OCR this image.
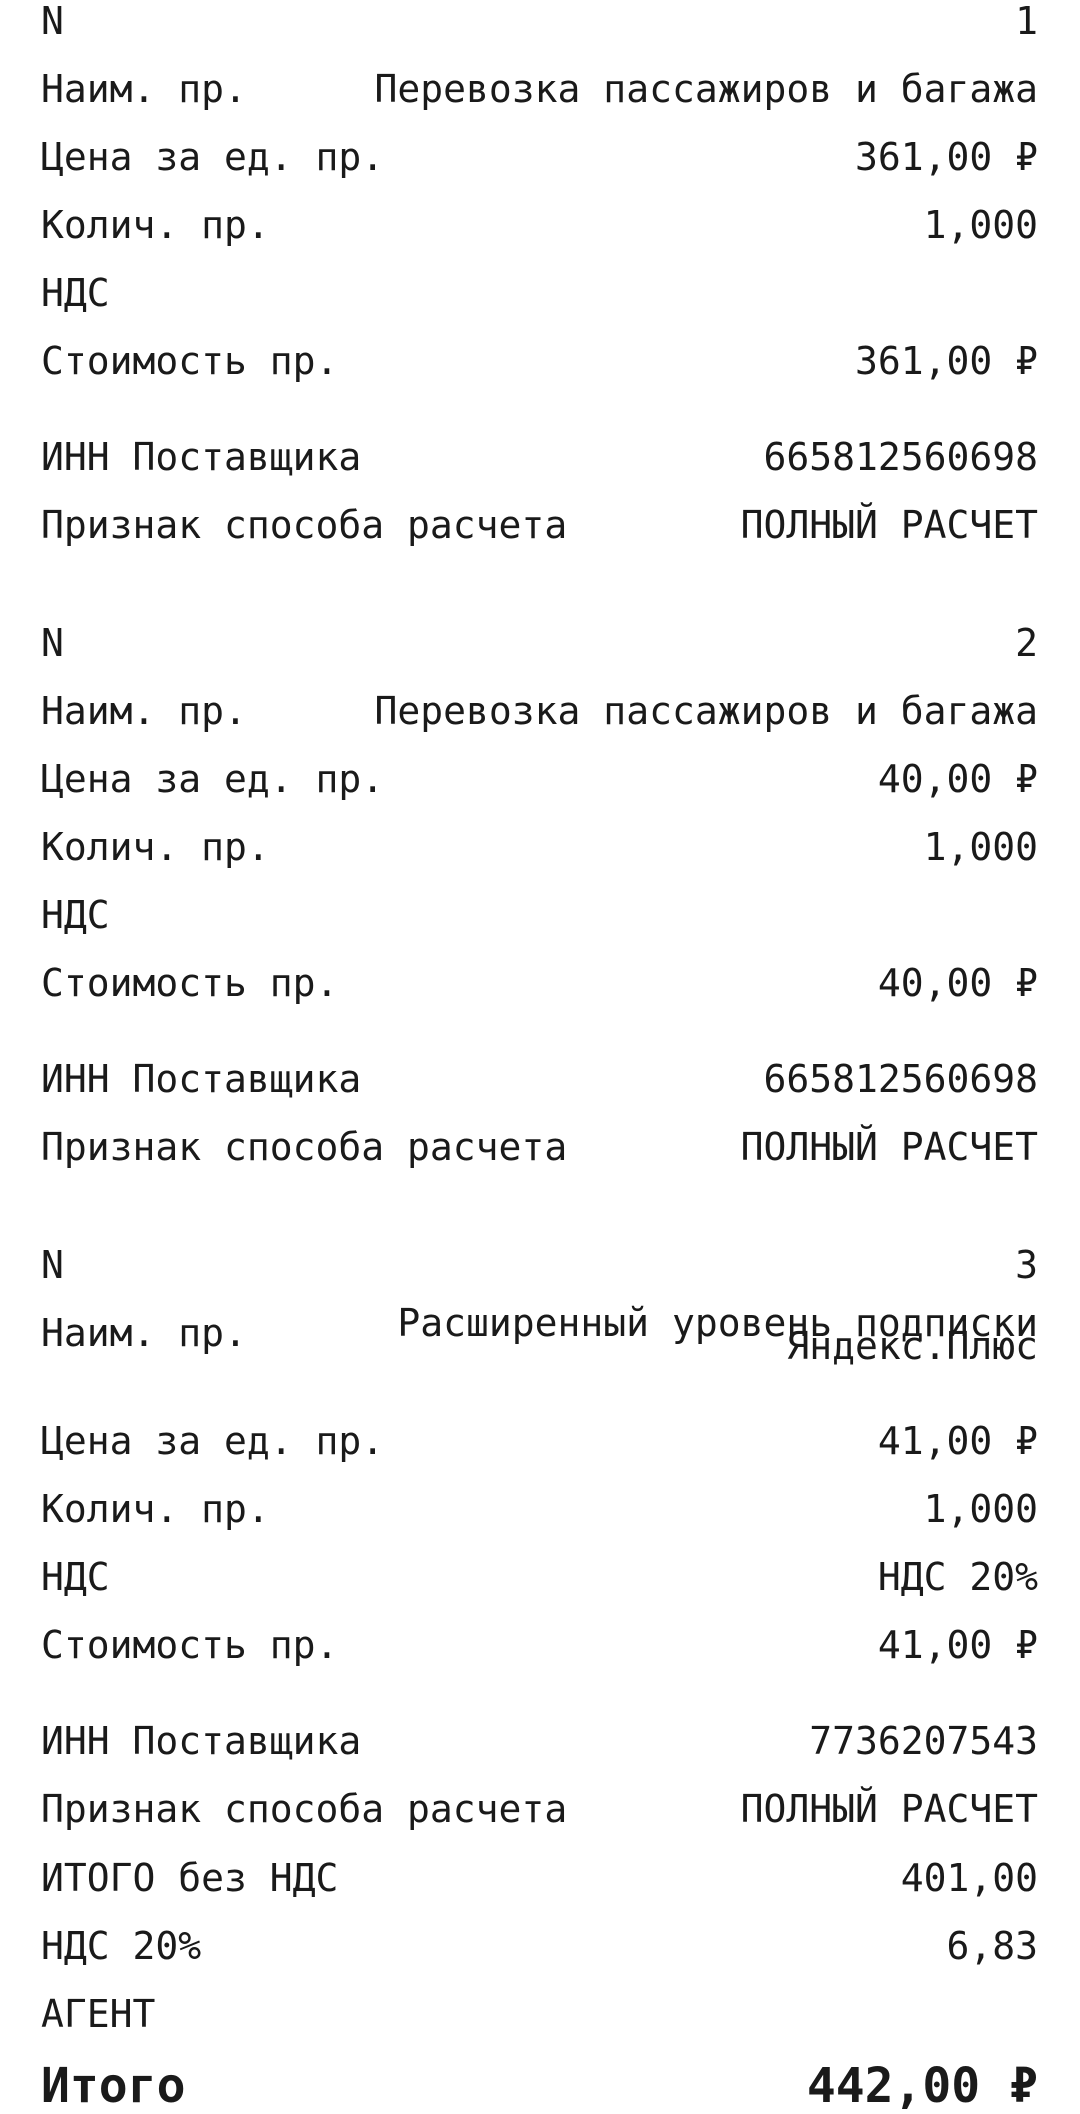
N	1
Наим. пр.	Перевозка пассажиров и багажа
Цена за ед. пр.	361,00 ₽
Колич. пр.	1,000
НДС
Стоимость пр.	361,00 ₽
ИНН Поставщика	665812560698
Признак способа расчета	ПОЛНЫЙ РАСЧЕТ
N	2
Наим. пр.	Перевозка пассажиров и багажа
Цена за ед. пр.	40,00 ₽
Колич. пр.	1,000
НДС
Стоимость пр.	40,00 ₽
ИНН Поставщика	665812560698
Признак способа расчета	ПОЛНЫЙ РАСЧЕТ
N	3
Наим. пр.	Расширенный уровень подписки Яндекс.Плюс
Цена за ед. пр.	41,00 ₽
Колич. пр.	1,000
НДС	НДС 20%
Стоимость пр.	41,00 ₽
ИНН Поставщика	7736207543
Признак способа расчета	ПОЛНЫЙ РАСЧЕТ
ИТОГО без НДС	401,00
НДС 20%	6,83
АГЕНТ
Итого	442,00 ₽
